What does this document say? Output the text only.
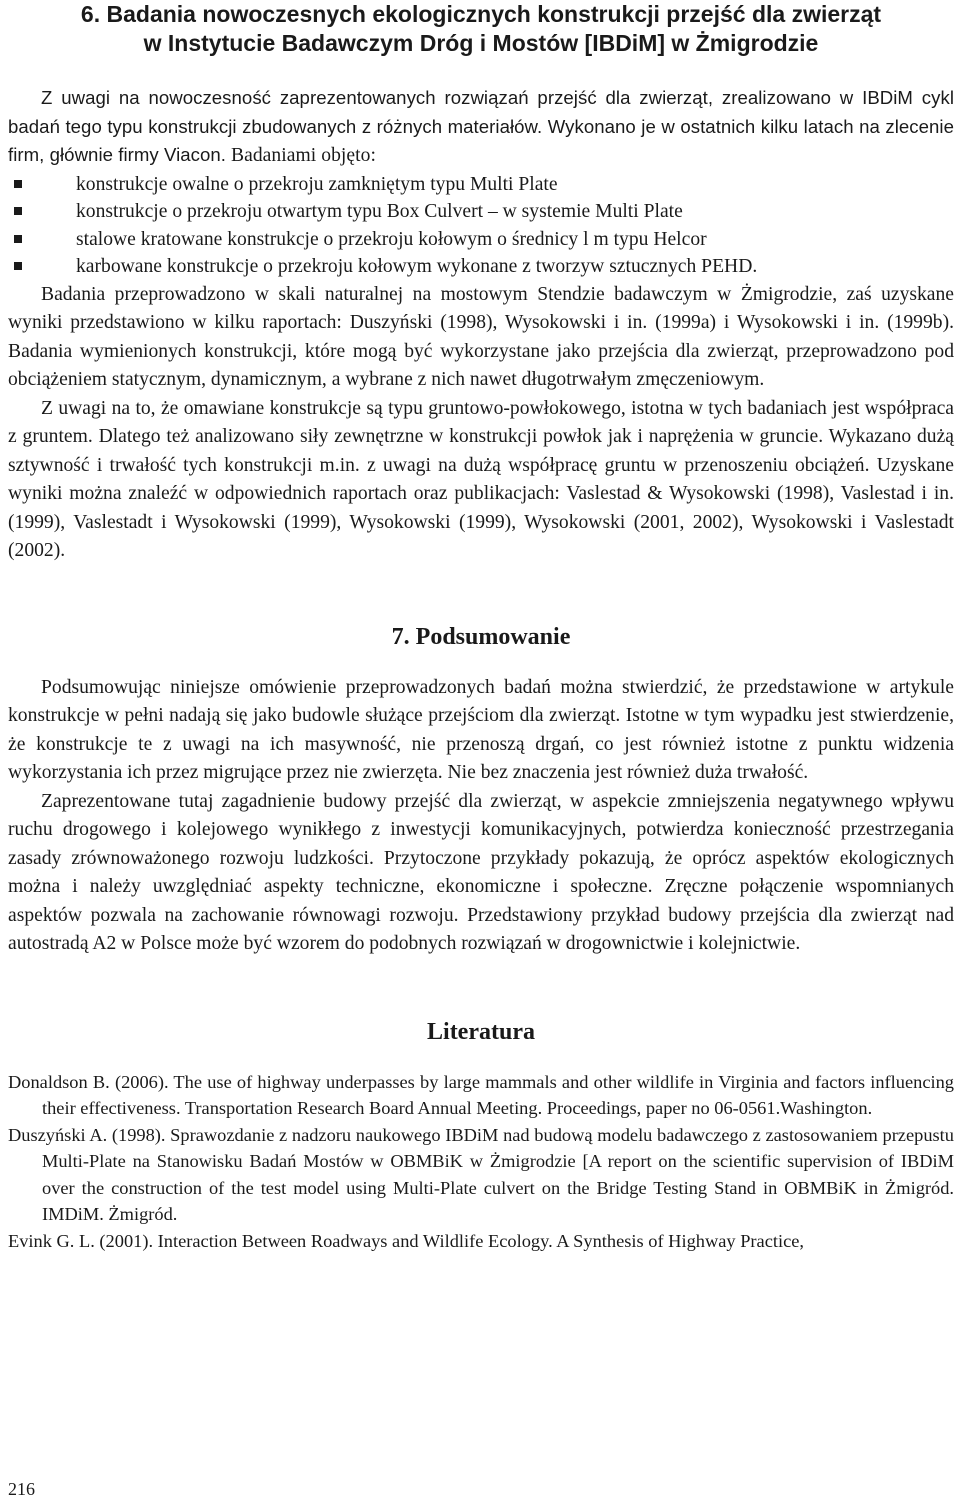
6. Badania nowoczesnych ekologicznych konstrukcji przejść dla zwierząt
w Instytucie Badawczym Dróg i Mostów [IBDiM] w Żmigrodzie

Z uwagi na nowoczesność zaprezentowanych rozwiązań przejść dla zwierząt, zrealizowano w IBDiM cykl badań tego typu konstrukcji zbudowanych z różnych materiałów. Wykonano je w ostatnich kilku latach na zlecenie firm, głównie firmy Viacon. Badaniami objęto:

konstrukcje owalne o przekroju zamkniętym typu Multi Plate
konstrukcje o przekroju otwartym typu Box Culvert – w systemie Multi Plate
stalowe kratowane konstrukcje o przekroju kołowym o średnicy l m typu Helcor
karbowane konstrukcje o przekroju kołowym wykonane z tworzyw sztucznych PEHD.

Badania przeprowadzono w skali naturalnej na mostowym Stendzie badawczym w Żmigrodzie, zaś uzyskane wyniki przedstawiono w kilku raportach: Duszyński (1998), Wysokowski i in. (1999a) i Wysokowski i in. (1999b). Badania wymienionych konstrukcji, które mogą być wykorzystane jako przejścia dla zwierząt, przeprowadzono pod obciążeniem statycznym, dynamicznym, a wybrane z nich nawet długotrwałym zmęczeniowym.

Z uwagi na to, że omawiane konstrukcje są typu gruntowo-powłokowego, istotna w tych badaniach jest współpraca z gruntem. Dlatego też analizowano siły zewnętrzne w konstrukcji powłok jak i naprężenia w gruncie. Wykazano dużą sztywność i trwałość tych konstrukcji m.in. z uwagi na dużą współpracę gruntu w przenoszeniu obciążeń. Uzyskane wyniki można znaleźć w odpowiednich raportach oraz publikacjach: Vaslestad & Wysokowski (1998), Vaslestad i in. (1999), Vaslestadt i Wysokowski (1999), Wysokowski (1999), Wysokowski (2001, 2002), Wysokowski i Vaslestadt (2002).

7. Podsumowanie

Podsumowując niniejsze omówienie przeprowadzonych badań można stwierdzić, że przedstawione w artykule konstrukcje w pełni nadają się jako budowle służące przejściom dla zwierząt. Istotne w tym wypadku jest stwierdzenie, że konstrukcje te z uwagi na ich masywność, nie przenoszą drgań, co jest również istotne z punktu widzenia wykorzystania ich przez migrujące przez nie zwierzęta. Nie bez znaczenia jest również duża trwałość.

Zaprezentowane tutaj zagadnienie budowy przejść dla zwierząt, w aspekcie zmniejszenia negatywnego wpływu ruchu drogowego i kolejowego wynikłego z inwestycji komunikacyjnych, potwierdza konieczność przestrzegania zasady zrównoważonego rozwoju ludzkości. Przytoczone przykłady pokazują, że oprócz aspektów ekologicznych można i należy uwzględniać aspekty techniczne, ekonomiczne i społeczne. Zręczne połączenie wspomnianych aspektów pozwala na zachowanie równowagi rozwoju. Przedstawiony przykład budowy przejścia dla zwierząt nad autostradą A2 w Polsce może być wzorem do podobnych rozwiązań w drogownictwie i kolejnictwie.

Literatura

Donaldson B. (2006). The use of highway underpasses by large mammals and other wildlife in Virginia and factors influencing their effectiveness. Transportation Research Board Annual Meeting. Proceedings, paper no 06-0561.Washington.

Duszyński A. (1998). Sprawozdanie z nadzoru naukowego IBDiM nad budową modelu badawczego z zastosowaniem przepustu Multi-Plate na Stanowisku Badań Mostów w OBMBiK w Żmigrodzie [A report on the scientific supervision of IBDiM over the construction of the test model using Multi-Plate culvert on the Bridge Testing Stand in OBMBiK in Żmigród. IMDiM. Żmigród.

Evink G. L. (2001). Interaction Between Roadways and Wildlife Ecology. A Synthesis of Highway Practice,

216
